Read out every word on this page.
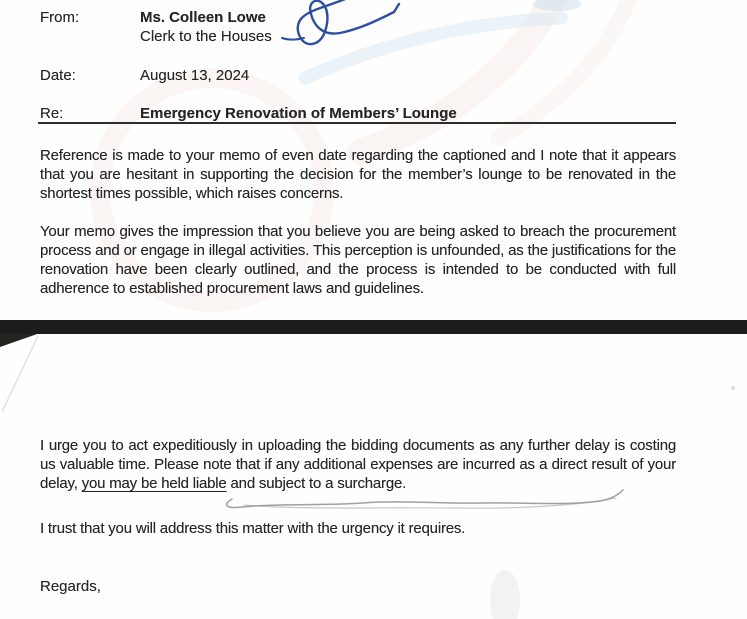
From:	Ms. Colleen Lowe
Clerk to the Houses
Date:	August 13, 2024
Re:	Emergency Renovation of Members’ Lounge

Reference is made to your memo of even date regarding the captioned and I note that it appears that you are hesitant in supporting the decision for the member’s lounge to be renovated in the shortest times possible, which raises concerns.

Your memo gives the impression that you believe you are being asked to breach the procurement process and or engage in illegal activities. This perception is unfounded, as the justifications for the renovation have been clearly outlined, and the process is intended to be conducted with full adherence to established procurement laws and guidelines.

I urge you to act expeditiously in uploading the bidding documents as any further delay is costing us valuable time. Please note that if any additional expenses are incurred as a direct result of your delay, you may be held liable and subject to a surcharge.

I trust that you will address this matter with the urgency it requires.

Regards,
